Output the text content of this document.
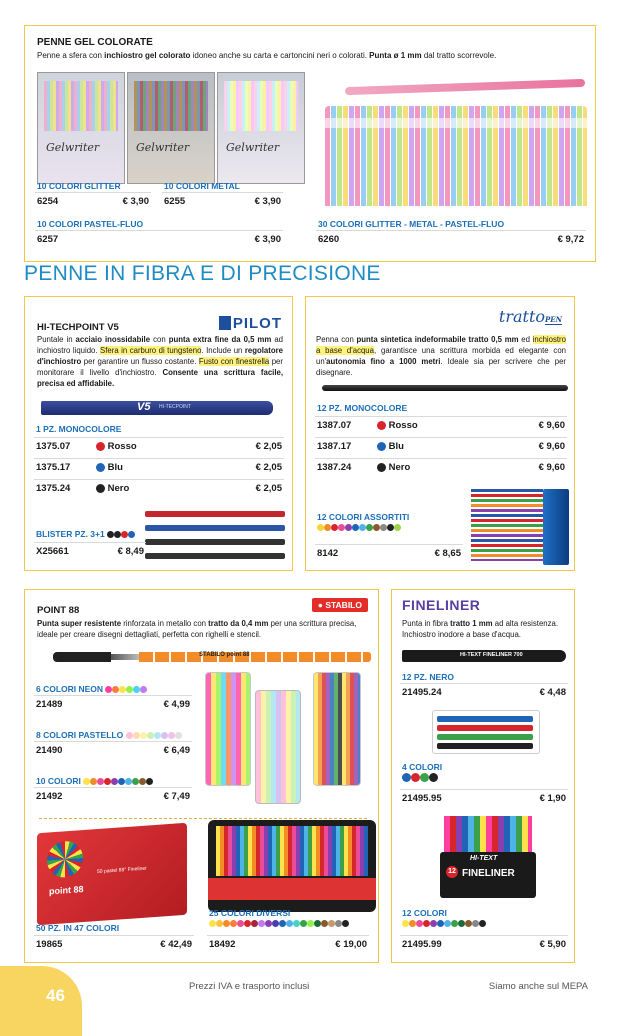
PENNE GEL COLORATE
Penne a sfera con inchiostro gel colorato idoneo anche su carta e cartoncini neri o colorati. Punta ø 1 mm dal tratto scorrevole.
Gelwriter	Gelwriter	Gelwriter
10 COLORI GLITTER	10 COLORI METAL
6254	€ 3,90 6255	€ 3,90
10 COLORI PASTEL-FLUO
6257	€ 3,90
30 COLORI GLITTER - METAL - PASTEL-FLUO
6260	€ 9,72
PENNE IN FIBRA E DI PRECISIONE
PILOT
HI-TECHPOINT V5
Puntale in acciaio inossidabile con punta extra fine da 0,5 mm ad inchiostro liquido. Sfera in carburo di tungsteno. Include un regolatore d'inchiostro per garantire un flusso costante. Fusto con finestrella per monitorare il livello d'inchiostro. Consente una scrittura facile, precisa ed affidabile.
V5 HI-TECPOINT
1 PZ. MONOCOLORE
1375.07	Rosso	€ 2,05
1375.17	Blu	€ 2,05
1375.24	Nero	€ 2,05
BLISTER PZ. 3+1
X25661	€ 8,49
trattoPEN
Penna con punta sintetica indeformabile tratto 0,5 mm ed inchiostro a base d'acqua, garantisce una scrittura morbida ed elegante con un'autonomia fino a 1000 metri. Ideale sia per scrivere che per disegnare.
12 PZ. MONOCOLORE
1387.07	Rosso	€ 9,60
1387.17	Blu	€ 9,60
1387.24	Nero	€ 9,60
12 COLORI ASSORTITI
8142	€ 8,65
● STABILO
POINT 88
Punta super resistente rinforzata in metallo con tratto da 0,4 mm per una scrittura precisa, ideale per creare disegni dettagliati, perfetta con righelli e stencil.
STABILO point 88
6 COLORI NEON
21489	€ 4,99
8 COLORI PASTELLO
21490	€ 6,49
10 COLORI
21492	€ 7,49
point 88
50 pastel 88° Fineliner
50 PZ. IN 47 COLORI
19865	€ 42,49
25 COLORI DIVERSI
18492	€ 19,00
FINELINER
Punta in fibra tratto 1 mm ad alta resistenza. Inchiostro inodore a base d'acqua.
HI-TEXT FINELINER 700
12 PZ. NERO
21495.24	€ 4,48
4 COLORI
21495.95	€ 1,90
HI-TEXT
12 FINELINER
12 COLORI
21495.99	€ 5,90
46	Prezzi IVA e trasporto inclusi	Siamo anche sul MEPA
